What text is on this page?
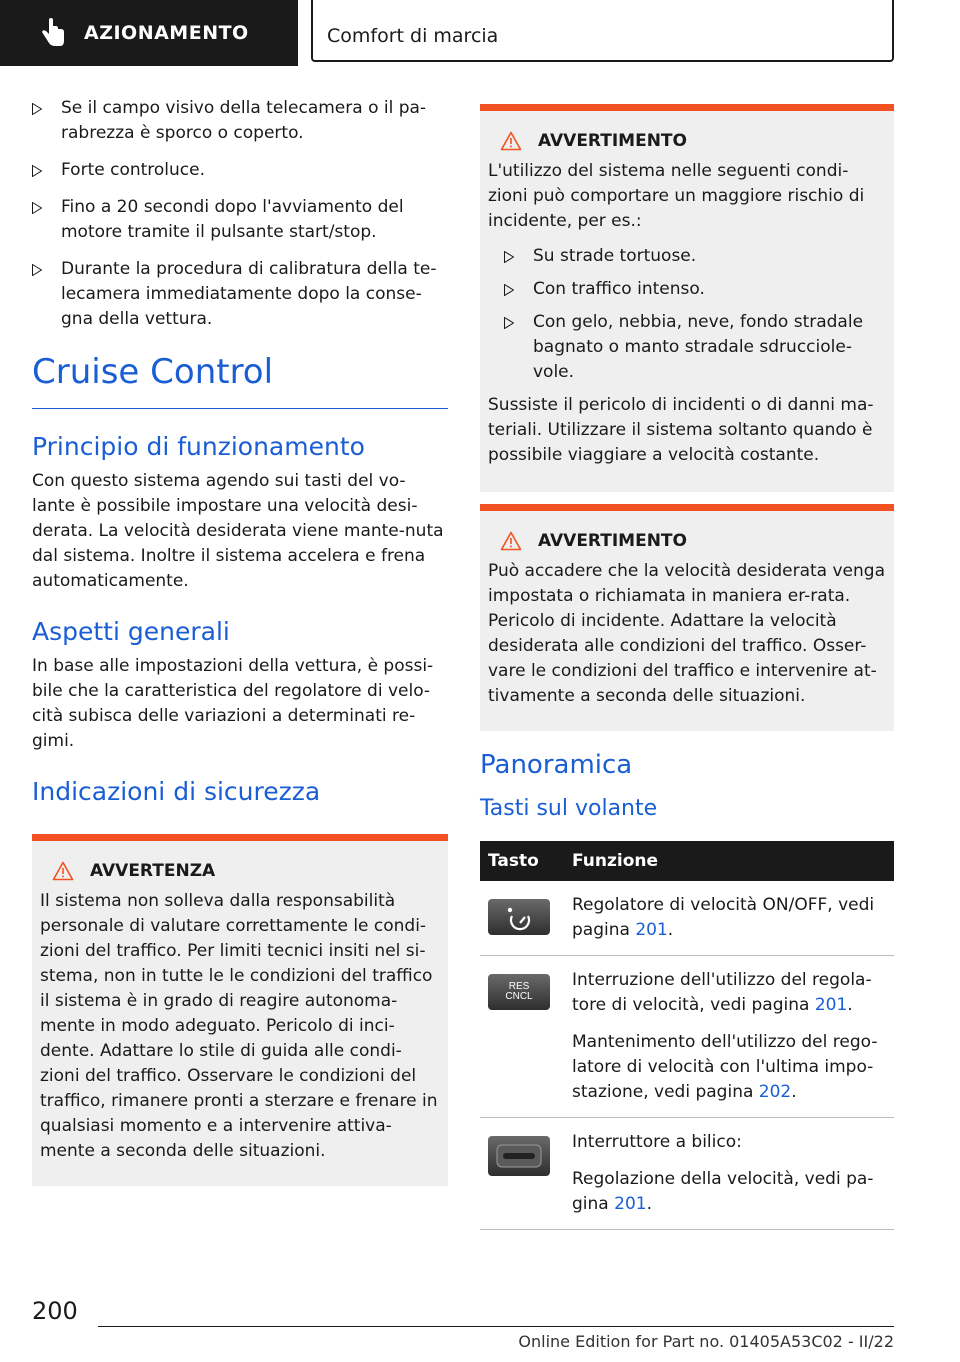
AZIONAMENTO	Comfort di marcia
Se il campo visivo della telecamera o il pa-rabrezza è sporco o coperto.
Forte controluce.
Fino a 20 secondi dopo l'avviamento del motore tramite il pulsante start/stop.
Durante la procedura di calibratura della te-lecamera immediatamente dopo la conse-gna della vettura.
Cruise Control
Principio di funzionamento

Con questo sistema agendo sui tasti del vo-lante è possibile impostare una velocità desi-derata. La velocità desiderata viene mante-nuta dal sistema. Inoltre il sistema accelera e frena automaticamente.

Aspetti generali

In base alle impostazioni della vettura, è possi-bile che la caratteristica del regolatore di velo-cità subisca delle variazioni a determinati re-gimi.

Indicazioni di sicurezza
AVVERTENZA

Il sistema non solleva dalla responsabilità personale di valutare correttamente le condi-zioni del traffico. Per limiti tecnici insiti nel si-stema, non in tutte le le condizioni del traffico il sistema è in grado di reagire autonoma-mente in modo adeguato. Pericolo di inci-dente. Adattare lo stile di guida alle condi-zioni del traffico. Osservare le condizioni del traffico, rimanere pronti a sterzare e frenare in qualsiasi momento e a intervenire attiva-mente a seconda delle situazioni.

AVVERTIMENTO

L'utilizzo del sistema nelle seguenti condi-zioni può comportare un maggiore rischio di incidente, per es.:

Su strade tortuose.
Con traffico intenso.
Con gelo, nebbia, neve, fondo stradale bagnato o manto stradale sdrucciole-vole.

Sussiste il pericolo di incidenti o di danni ma-teriali. Utilizzare il sistema soltanto quando è possibile viaggiare a velocità costante.

AVVERTIMENTO

Può accadere che la velocità desiderata venga impostata o richiamata in maniera er-rata. Pericolo di incidente. Adattare la velocità desiderata alle condizioni del traffico. Osser-vare le condizioni del traffico e intervenire at-tivamente a seconda delle situazioni.

Panoramica
Tasti sul volante
Tasto	Funzione

Regolatore di velocità ON/OFF, vedi pagina 201.

RES CNCL	Interruzione dell'utilizzo del regola-tore di velocità, vedi pagina 201.

Mantenimento dell'utilizzo del rego-latore di velocità con l'ultima impo-stazione, vedi pagina 202.

Interruttore a bilico:

Regolazione della velocità, vedi pa-gina 201.

200
Online Edition for Part no. 01405A53C02 - II/22
